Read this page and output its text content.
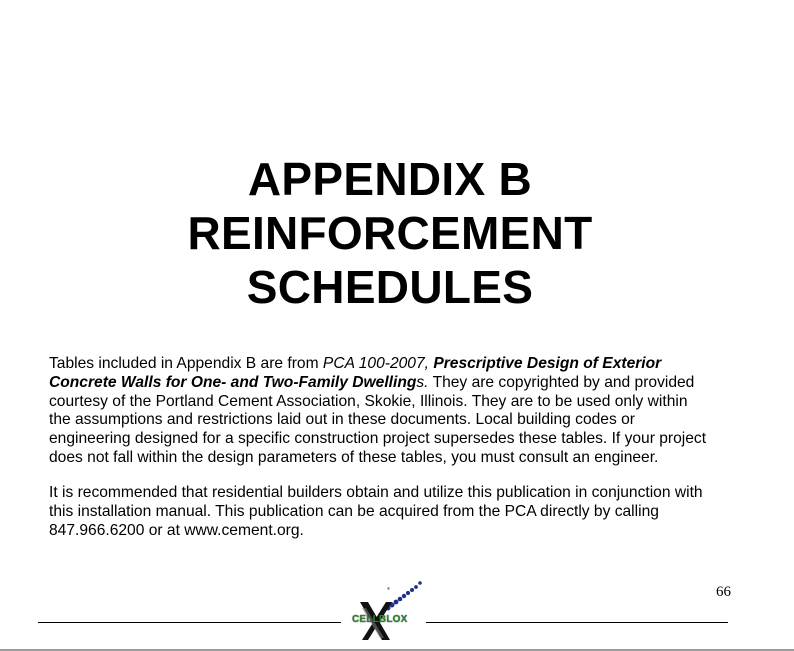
APPENDIX B
REINFORCEMENT
SCHEDULES
Tables included in Appendix B are from PCA 100-2007, Prescriptive Design of Exterior
Concrete Walls for One- and Two-Family Dwellings. They are copyrighted by and provided
courtesy of the Portland Cement Association, Skokie, Illinois. They are to be used only within
the assumptions and restrictions laid out in these documents. Local building codes or
engineering designed for a specific construction project supersedes these tables. If your project
does not fall within the design parameters of these tables, you must consult an engineer.
It is recommended that residential builders obtain and utilize this publication in conjunction with
this installation manual. This publication can be acquired from the PCA directly by calling
847.966.6200 or at www.cement.org.
66
®
CELLBLOX
